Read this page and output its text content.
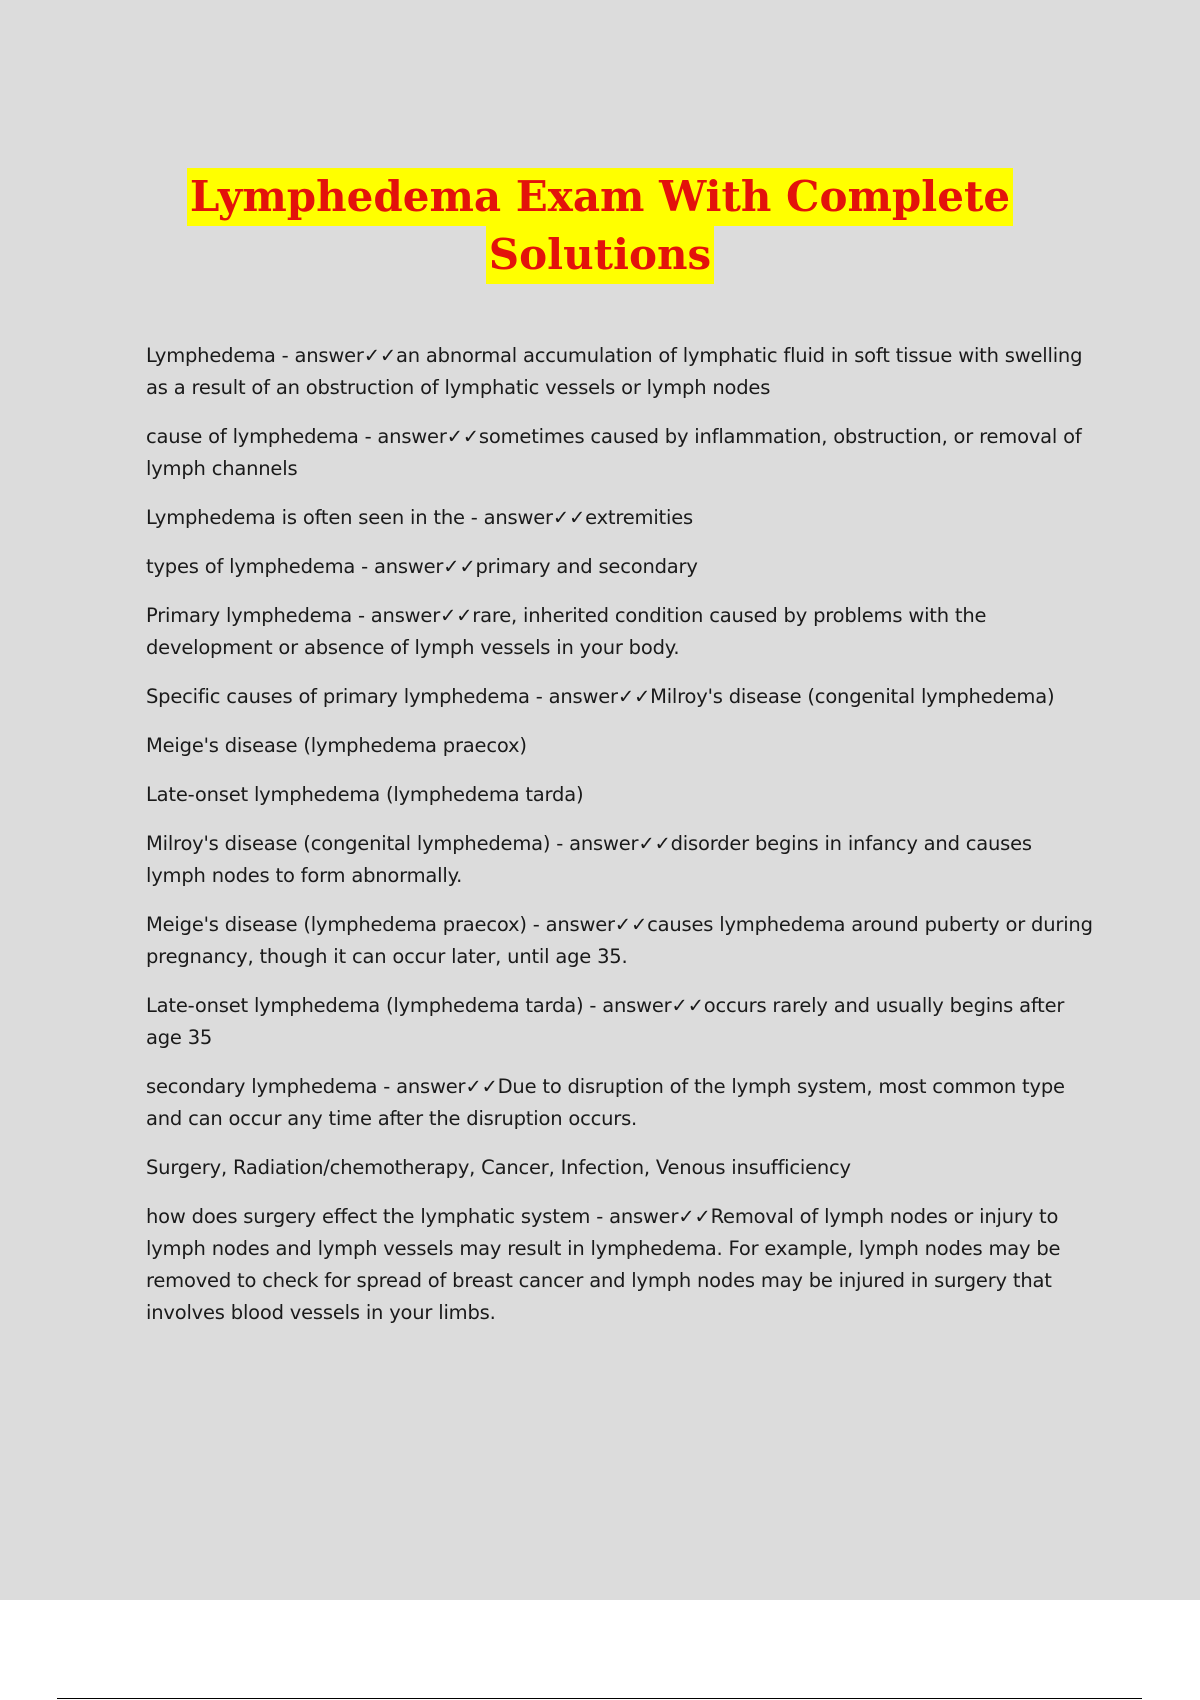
Lymphedema Exam With Complete
Solutions

Lymphedema - answer✓✓an abnormal accumulation of lymphatic fluid in soft tissue with swelling as a result of an obstruction of lymphatic vessels or lymph nodes

cause of lymphedema - answer✓✓sometimes caused by inflammation, obstruction, or removal of lymph channels

Lymphedema is often seen in the - answer✓✓extremities

types of lymphedema - answer✓✓primary and secondary

Primary lymphedema - answer✓✓rare, inherited condition caused by problems with the development or absence of lymph vessels in your body.

Specific causes of primary lymphedema - answer✓✓Milroy's disease (congenital lymphedema)

Meige's disease (lymphedema praecox)

Late-onset lymphedema (lymphedema tarda)

Milroy's disease (congenital lymphedema) - answer✓✓disorder begins in infancy and causes lymph nodes to form abnormally.

Meige's disease (lymphedema praecox) - answer✓✓causes lymphedema around puberty or during pregnancy, though it can occur later, until age 35.

Late-onset lymphedema (lymphedema tarda) - answer✓✓occurs rarely and usually begins after age 35

secondary lymphedema - answer✓✓Due to disruption of the lymph system, most common type and can occur any time after the disruption occurs.

Surgery, Radiation/chemotherapy, Cancer, Infection, Venous insufficiency

how does surgery effect the lymphatic system - answer✓✓Removal of lymph nodes or injury to lymph nodes and lymph vessels may result in lymphedema. For example, lymph nodes may be removed to check for spread of breast cancer and lymph nodes may be injured in surgery that involves blood vessels in your limbs.
